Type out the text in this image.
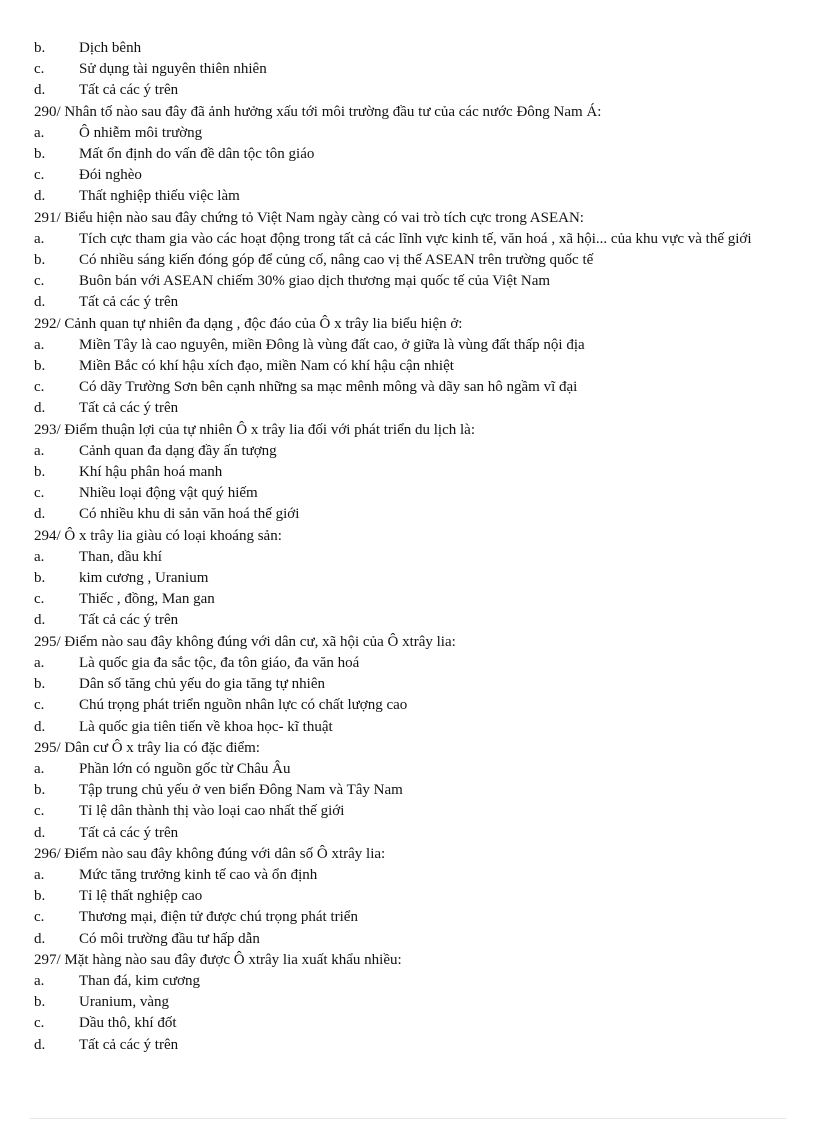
b.	Dịch bênh
c.	Sử dụng tài nguyên thiên nhiên
d.	Tất cả các ý trên
290/ Nhân tố nào sau đây đã ảnh hưởng xấu tới môi trường đầu tư của các nước Đông Nam Á:
a.	Ô nhiễm môi trường
b.	Mất ổn định do vấn đề dân tộc tôn giáo
c.	Đói nghèo
d.	Thất nghiệp thiếu việc làm
291/ Biểu hiện nào sau đây chứng tỏ Việt Nam ngày càng có vai trò tích cực trong ASEAN:
a. Tích cực tham gia vào các hoạt động trong tất cả các lĩnh vực kinh tế, văn hoá , xã hội... của khu vực và thế giới
b.	Có nhiều sáng kiến đóng góp để củng cố, nâng cao vị thế ASEAN trên trường quốc tế
c.	Buôn bán với ASEAN chiếm 30% giao dịch thương mại quốc tế của Việt Nam
d.	Tất cả các ý trên
292/ Cảnh quan tự nhiên đa dạng , độc đáo của Ô x trây lia biểu hiện ở:
a.	Miền Tây là cao nguyên, miền Đông là vùng đất cao, ở giữa là vùng đất thấp nội địa
b.	Miền Bắc có khí hậu xích đạo, miền Nam có khí hậu cận nhiệt
c.	Có dãy Trường Sơn bên cạnh những sa mạc mênh mông và dãy san hô ngầm vĩ đại
d.	Tất cả các ý trên
293/ Điểm thuận lợi của tự nhiên Ô x trây lia đối với phát triển du lịch là:
a.	Cảnh quan đa dạng đầy ấn tượng
b.	Khí hậu phân hoá manh
c.	Nhiều loại động vật quý hiếm
d.	Có nhiều khu di sản văn hoá thế giới
294/ Ô x trây lia giàu có loại khoáng sản:
a.	Than, dầu khí
b.	kim cương , Uranium
c.	Thiếc , đồng, Man gan
d.	Tất cả các ý trên
295/ Điểm nào sau đây không đúng với dân cư, xã hội của Ô xtrây lia:
a.	Là quốc gia đa sắc tộc, đa tôn giáo, đa văn hoá
b.	Dân số tăng chủ yếu do gia tăng tự nhiên
c.	Chú trọng phát triển nguồn nhân lực có chất lượng cao
d.	Là quốc gia tiên tiến về khoa học- kĩ thuật
295/ Dân cư Ô x trây lia có đặc điểm:
a.	Phần lớn có nguồn gốc từ Châu Âu
b.	Tập trung chủ yếu ở ven biển Đông Nam và Tây Nam
c.	Tỉ lệ dân thành thị vào loại cao nhất thế giới
d.	Tất cả các ý trên
296/ Điểm nào sau đây không đúng với dân số Ô xtrây lia:
a.	Mức tăng trưởng kinh tế cao và ổn định
b.	Tỉ lệ thất nghiệp cao
c.	Thương mại, điện tử được chú trọng phát triển
d.	Có môi trường đầu tư hấp dẫn
297/ Mặt hàng nào sau đây được Ô xtrây lia xuất khẩu nhiều:
a.	Than đá, kim cương
b.	Uranium, vàng
c.	Dầu thô, khí đốt
d.	Tất cả các ý trên
